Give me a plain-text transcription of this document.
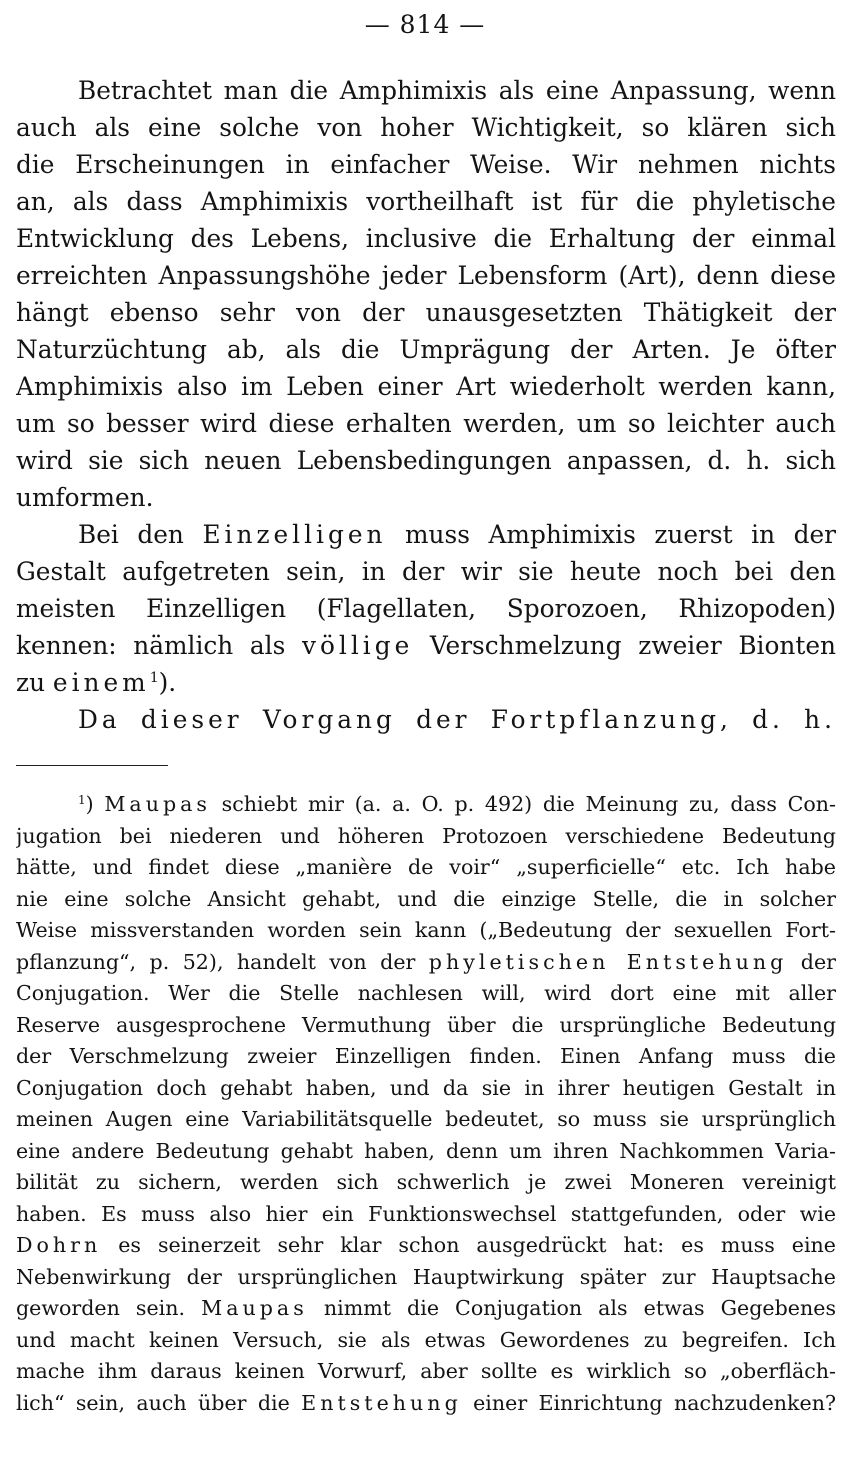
— 814 —
Betrachtet man die Amphimixis als eine Anpassung, wenn
auch als eine solche von hoher Wichtigkeit, so klären sich
die Erscheinungen in einfacher Weise. Wir nehmen nichts
an, als dass Amphimixis vortheilhaft ist für die phyletische
Entwicklung des Lebens, inclusive die Erhaltung der einmal
erreichten Anpassungshöhe jeder Lebensform (Art), denn diese
hängt ebenso sehr von der unausgesetzten Thätigkeit der
Naturzüchtung ab, als die Umprägung der Arten. Je öfter
Amphimixis also im Leben einer Art wiederholt werden kann,
um so besser wird diese erhalten werden, um so leichter auch
wird sie sich neuen Lebensbedingungen anpassen, d. h. sich
umformen.
Bei den Einzelligen muss Amphimixis zuerst in der
Gestalt aufgetreten sein, in der wir sie heute noch bei den
meisten Einzelligen (Flagellaten, Sporozoen, Rhizopoden)
kennen: nämlich als völlige Verschmelzung zweier Bionten
zu einem$^1$).
Da dieser Vorgang der Fortpflanzung, d. h.
$^1$) Maupas schiebt mir (a. a. O. p. 492) die Meinung zu, dass Con-
jugation bei niederen und höheren Protozoen verschiedene Bedeutung
hätte, und findet diese „manière de voir“ „superficielle“ etc. Ich habe
nie eine solche Ansicht gehabt, und die einzige Stelle, die in solcher
Weise missverstanden worden sein kann („Bedeutung der sexuellen Fort-
pflanzung“, p. 52), handelt von der phyletischen Entstehung der
Conjugation. Wer die Stelle nachlesen will, wird dort eine mit aller
Reserve ausgesprochene Vermuthung über die ursprüngliche Bedeutung
der Verschmelzung zweier Einzelligen finden. Einen Anfang muss die
Conjugation doch gehabt haben, und da sie in ihrer heutigen Gestalt in
meinen Augen eine Variabilitätsquelle bedeutet, so muss sie ursprünglich
eine andere Bedeutung gehabt haben, denn um ihren Nachkommen Varia-
bilität zu sichern, werden sich schwerlich je zwei Moneren vereinigt
haben. Es muss also hier ein Funktionswechsel stattgefunden, oder wie
Dohrn es seinerzeit sehr klar schon ausgedrückt hat: es muss eine
Nebenwirkung der ursprünglichen Hauptwirkung später zur Hauptsache
geworden sein. Maupas nimmt die Conjugation als etwas Gegebenes
und macht keinen Versuch, sie als etwas Gewordenes zu begreifen. Ich
mache ihm daraus keinen Vorwurf, aber sollte es wirklich so „oberfläch-
lich“ sein, auch über die Entstehung einer Einrichtung nachzudenken?
